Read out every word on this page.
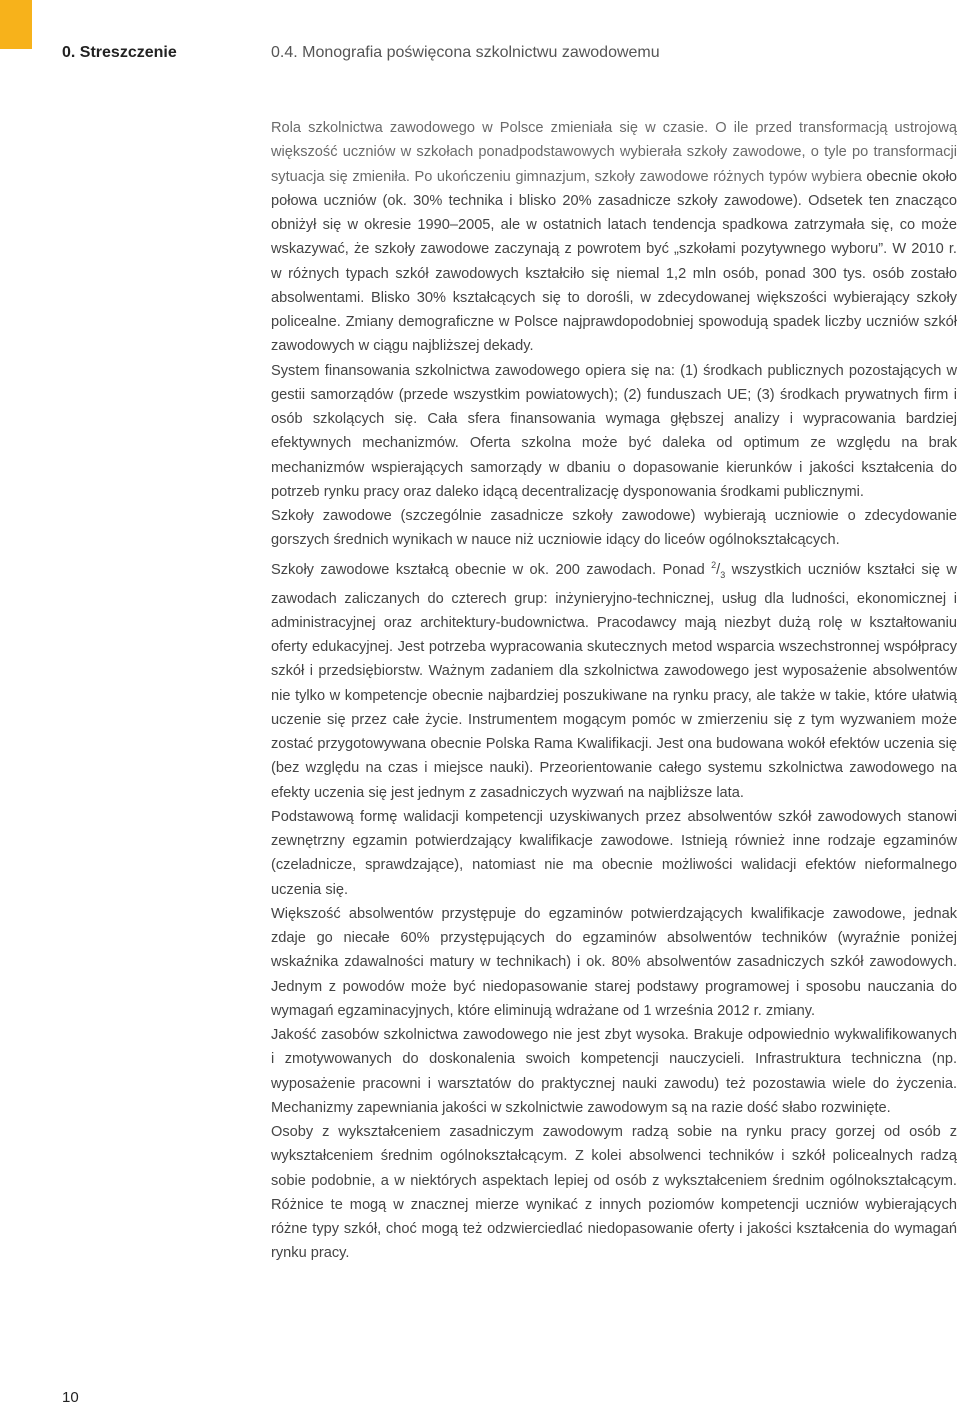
0. Streszczenie	0.4. Monografia poświęcona szkolnictwu zawodowemu

Rola szkolnictwa zawodowego w Polsce zmieniała się w czasie. O ile przed transformacją ustrojową większość uczniów w szkołach ponadpodstawowych wybierała szkoły zawodowe, o tyle po transformacji sytuacja się zmieniła. Po ukończeniu gimnazjum, szkoły zawodowe różnych typów wybiera obecnie około połowa uczniów (ok. 30% technika i blisko 20% zasadnicze szkoły zawodowe). Odsetek ten znacząco obniżył się w okresie 1990–2005, ale w ostatnich latach tendencja spadkowa zatrzymała się, co może wskazywać, że szkoły zawodowe zaczynają z powrotem być „szkołami pozytywnego wyboru”. W 2010 r. w różnych typach szkół zawodowych kształciło się niemal 1,2 mln osób, ponad 300 tys. osób zostało absolwentami. Blisko 30% kształcących się to dorośli, w zdecydowanej większości wybierający szkoły policealne. Zmiany demograficzne w Polsce najprawdopodobniej spowodują spadek liczby uczniów szkół zawodowych w ciągu najbliższej dekady.

System finansowania szkolnictwa zawodowego opiera się na: (1) środkach publicznych pozostających w gestii samorządów (przede wszystkim powiatowych); (2) funduszach UE; (3) środkach prywatnych firm i osób szkolących się. Cała sfera finansowania wymaga głębszej analizy i wypracowania bardziej efektywnych mechanizmów. Oferta szkolna może być daleka od optimum ze względu na brak mechanizmów wspierających samorządy w dbaniu o dopasowanie kierunków i jakości kształcenia do potrzeb rynku pracy oraz daleko idącą decentralizację dysponowania środkami publicznymi.

Szkoły zawodowe (szczególnie zasadnicze szkoły zawodowe) wybierają uczniowie o zdecydowanie gorszych średnich wynikach w nauce niż uczniowie idący do liceów ogólnokształcących.

Szkoły zawodowe kształcą obecnie w ok. 200 zawodach. Ponad $^2/_3$ wszystkich uczniów kształci się w zawodach zaliczanych do czterech grup: inżynieryjno-technicznej, usług dla ludności, ekonomicznej i administracyjnej oraz architektury-budownictwa. Pracodawcy mają niezbyt dużą rolę w kształtowaniu oferty edukacyjnej. Jest potrzeba wypracowania skutecznych metod wsparcia wszechstronnej współpracy szkół i przedsiębiorstw. Ważnym zadaniem dla szkolnictwa zawodowego jest wyposażenie absolwentów nie tylko w kompetencje obecnie najbardziej poszukiwane na rynku pracy, ale także w takie, które ułatwią uczenie się przez całe życie. Instrumentem mogącym pomóc w zmierzeniu się z tym wyzwaniem może zostać przygotowywana obecnie Polska Rama Kwalifikacji. Jest ona budowana wokół efektów uczenia się (bez względu na czas i miejsce nauki). Przeorientowanie całego systemu szkolnictwa zawodowego na efekty uczenia się jest jednym z zasadniczych wyzwań na najbliższe lata.

Podstawową formę walidacji kompetencji uzyskiwanych przez absolwentów szkół zawodowych stanowi zewnętrzny egzamin potwierdzający kwalifikacje zawodowe. Istnieją również inne rodzaje egzaminów (czeladnicze, sprawdzające), natomiast nie ma obecnie możliwości walidacji efektów nieformalnego uczenia się.

Większość absolwentów przystępuje do egzaminów potwierdzających kwalifikacje zawodowe, jednak zdaje go niecałe 60% przystępujących do egzaminów absolwentów techników (wyraźnie poniżej wskaźnika zdawalności matury w technikach) i ok. 80% absolwentów zasadniczych szkół zawodowych. Jednym z powodów może być niedopasowanie starej podstawy programowej i sposobu nauczania do wymagań egzaminacyjnych, które eliminują wdrażane od 1 września 2012 r. zmiany.

Jakość zasobów szkolnictwa zawodowego nie jest zbyt wysoka. Brakuje odpowiednio wykwalifikowanych i zmotywowanych do doskonalenia swoich kompetencji nauczycieli. Infrastruktura techniczna (np. wyposażenie pracowni i warsztatów do praktycznej nauki zawodu) też pozostawia wiele do życzenia. Mechanizmy zapewniania jakości w szkolnictwie zawodowym są na razie dość słabo rozwinięte.

Osoby z wykształceniem zasadniczym zawodowym radzą sobie na rynku pracy gorzej od osób z wykształceniem średnim ogólnokształcącym. Z kolei absolwenci techników i szkół policealnych radzą sobie podobnie, a w niektórych aspektach lepiej od osób z wykształceniem średnim ogólnokształcącym. Różnice te mogą w znacznej mierze wynikać z innych poziomów kompetencji uczniów wybierających różne typy szkół, choć mogą też odzwierciedlać niedopasowanie oferty i jakości kształcenia do wymagań rynku pracy.

10
